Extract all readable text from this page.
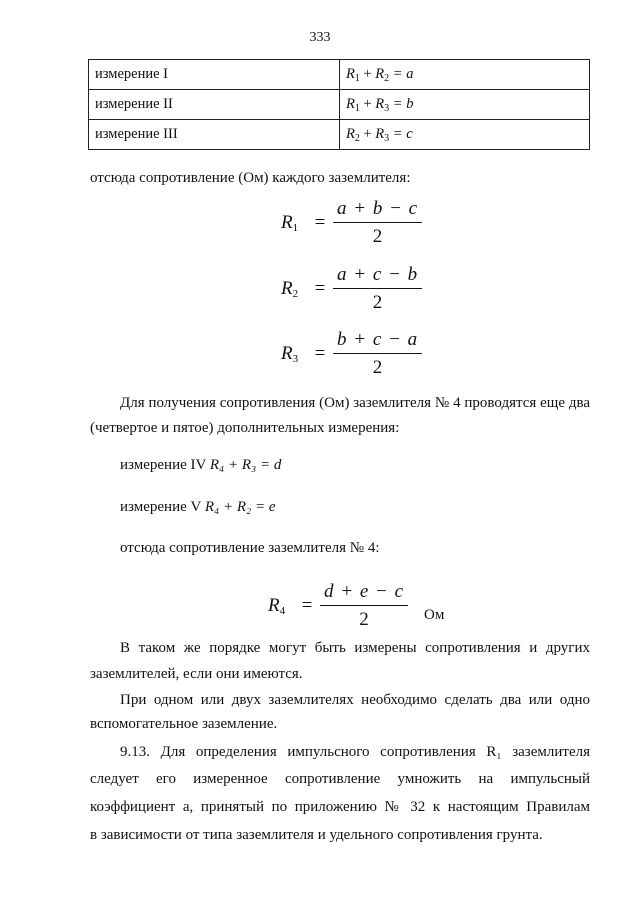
333
измерение I	$R_1 + R_2 = a$
измерение II	$R_1 + R_3 = b$
измерение III	$R_2 + R_3 = c$
отсюда сопротивление (Ом) каждого заземлителя:
$R_1 = \frac{a + b - c}{2}$
$R_2 = \frac{a + c - b}{2}$
$R_3 = \frac{b + c - a}{2}$
Для получения сопротивления (Ом) заземлителя № 4 проводятся еще два
(четвертое и пятое) дополнительных измерения:
измерение IV R₄ + R₃ = d
измерение V R₄ + R₂ = e
отсюда сопротивление заземлителя № 4:
$R_4 = \frac{d + e - c}{2}$ Ом
В таком же порядке могут быть измерены сопротивления и других
заземлителей, если они имеются.
При одном или двух заземлителях необходимо сделать два или одно
вспомогательное заземление.
9.13. Для определения импульсного сопротивления R₁ заземлителя
следует его измеренное сопротивление умножить на импульсный
коэффициент а, принятый по приложению № 32 к настоящим Правилам
в зависимости от типа заземлителя и удельного сопротивления грунта.
